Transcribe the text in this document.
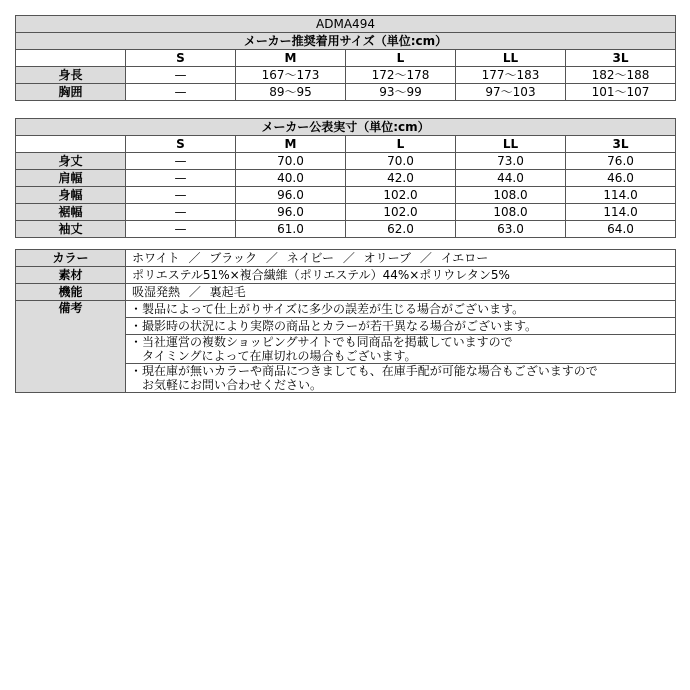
ADMA494					
メーカー推奨着用サイズ（単位:cm）					
	S	M	L	LL	3L
身長	—	167〜173	172〜178	177〜183	182〜188
胸囲	—	89〜95	93〜99	97〜103	101〜107
メーカー公表実寸（単位:cm）					
	S	M	L	LL	3L
身丈	—	70.0	70.0	73.0	76.0
肩幅	—	40.0	42.0	44.0	46.0
身幅	—	96.0	102.0	108.0	114.0
裾幅	—	96.0	102.0	108.0	114.0
袖丈	—	61.0	62.0	63.0	64.0
カラー	ホワイト ／ ブラック ／ ネイビー ／ オリーブ ／ イエロー
素材	ポリエステル51%×複合繊維（ポリエステル）44%×ポリウレタン5%
機能	吸湿発熱 ／ 裏起毛
備考	・製品によって仕上がりサイズに多少の誤差が生じる場合がございます。

	・撮影時の状況により実際の商品とカラーが若干異なる場合がございます。

	・当社運営の複数ショッピングサイトでも同商品を掲載していますので
　タイミングによって在庫切れの場合もございます。

	・現在庫が無いカラーや商品につきましても、在庫手配が可能な場合もございますので
　お気軽にお問い合わせください。
